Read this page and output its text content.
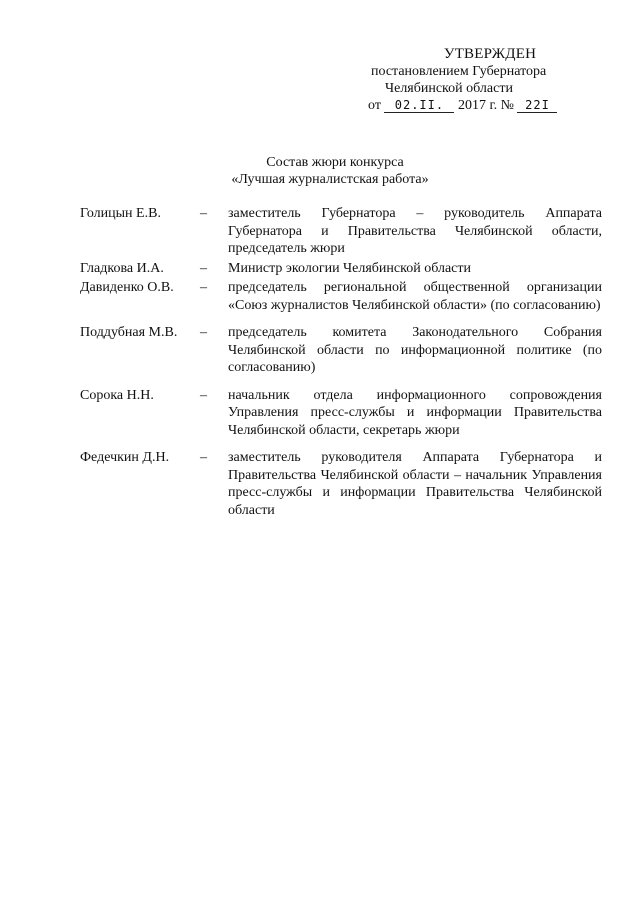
УТВЕРЖДЕН
постановлением Губернатора
Челябинской области
от 02.II. 2017 г. № 22I
Состав жюри конкурса
«Лучшая журналистская работа»
Голицын Е.В.	–	заместитель Губернатора – руководитель Аппарата Губернатора и Правительства Челябинской области, председатель жюри
Гладкова И.А.	–	Министр экологии Челябинской области
Давиденко О.В.	–	председатель региональной общественной организации «Союз журналистов Челябинской области» (по согласованию)
Поддубная М.В.	–	председатель комитета Законодательного Собрания Челябинской области по информационной политике (по согласованию)
Сорока Н.Н.	–	начальник отдела информационного сопровождения Управления пресс-службы и информации Правительства Челябинской области, секретарь жюри
Федечкин Д.Н.	–	заместитель руководителя Аппарата Губернатора и Правительства Челябинской области – начальник Управления пресс-службы и информации Правительства Челябинской области
